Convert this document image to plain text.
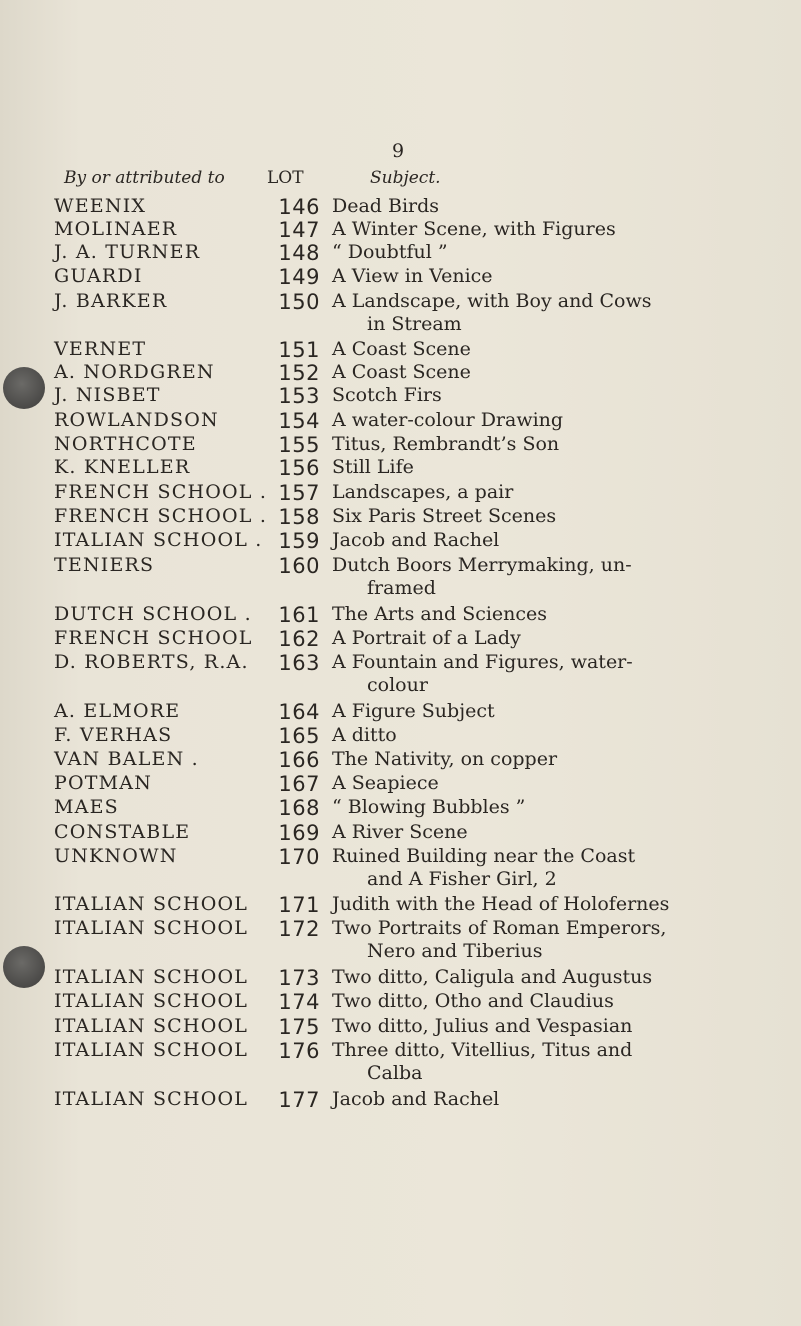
9
By or attributed to LOT	Subject.
WEENIX	146 Dead Birds
MOLINAER	147 A Winter Scene, with Figures
J. A. TURNER	148 “ Doubtful ”
GUARDI	149 A View in Venice
J. BARKER	150 A Landscape, with Boy and Cows
in Stream
VERNET	151 A Coast Scene
A. NORDGREN	152 A Coast Scene
J. NISBET	153 Scotch Firs
ROWLANDSON	154 A water-colour Drawing
NORTHCOTE	155 Titus, Rembrandt’s Son
K. KNELLER	156 Still Life
FRENCH SCHOOL . 157 Landscapes, a pair
FRENCH SCHOOL . 158 Six Paris Street Scenes
ITALIAN SCHOOL . 159 Jacob and Rachel
TENIERS	160 Dutch Boors Merrymaking, un-
framed
DUTCH SCHOOL .	161 The Arts and Sciences
FRENCH SCHOOL	162 A Portrait of a Lady
D. ROBERTS, R.A.	163 A Fountain and Figures, water-
colour
A. ELMORE	164 A Figure Subject
F. VERHAS	165 A ditto
VAN BALEN .	166 The Nativity, on copper
POTMAN	167 A Seapiece
MAES	168 “ Blowing Bubbles ”
CONSTABLE	169 A River Scene
UNKNOWN	170 Ruined Building near the Coast
and A Fisher Girl, 2
ITALIAN SCHOOL	171 Judith with the Head of Holofernes
ITALIAN SCHOOL	172 Two Portraits of Roman Emperors,
Nero and Tiberius
ITALIAN SCHOOL	173 Two ditto, Caligula and Augustus
ITALIAN SCHOOL	174 Two ditto, Otho and Claudius
ITALIAN SCHOOL	175 Two ditto, Julius and Vespasian
ITALIAN SCHOOL	176 Three ditto, Vitellius, Titus and
Calba
ITALIAN SCHOOL	177 Jacob and Rachel
